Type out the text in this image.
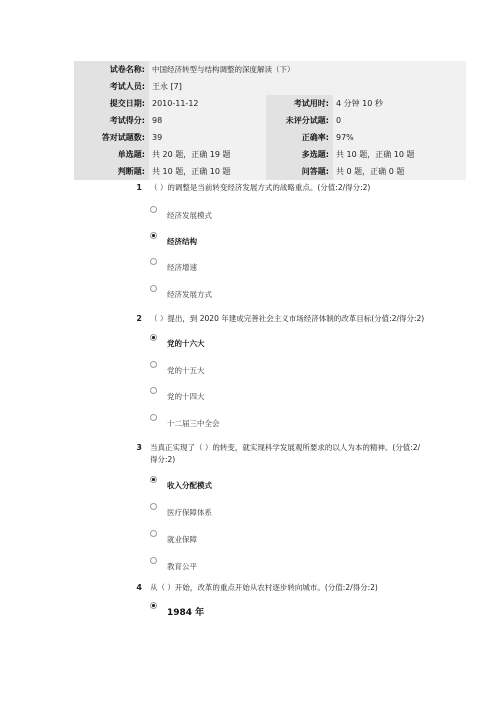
试卷名称:	中国经济转型与结构调整的深度解读（下）		
考试人员:	王永 [7]		
提交日期:	2010-11-12	考试用时:	4 分钟 10 秒
考试得分:	98	未评分试题:	0
答对试题数:	39	正确率:	97%
单选题:	共 20 题，正确 19 题	多选题:	共 10 题，正确 10 题
判断题:	共 10 题，正确 10 题	问答题:	共 0 题，正确 0 题
1 （ ）的调整是当前转变经济发展方式的战略重点。(分值:2/得分:2)
经济发展模式
经济结构
经济增速
经济发展方式
2 （ ）提出，到 2020 年建成完善社会主义市场经济体制的改革目标(分值:2/得分:2)
党的十六大
党的十五大
党的十四大
十二届三中全会
3 当真正实现了（ ）的转变，就实现科学发展观所要求的以人为本的精神。(分值:2/
得分:2)
收入分配模式
医疗保障体系
就业保障
教育公平
4 从（ ）开始，改革的重点开始从农村逐步转向城市。(分值:2/得分:2)
1984 年
